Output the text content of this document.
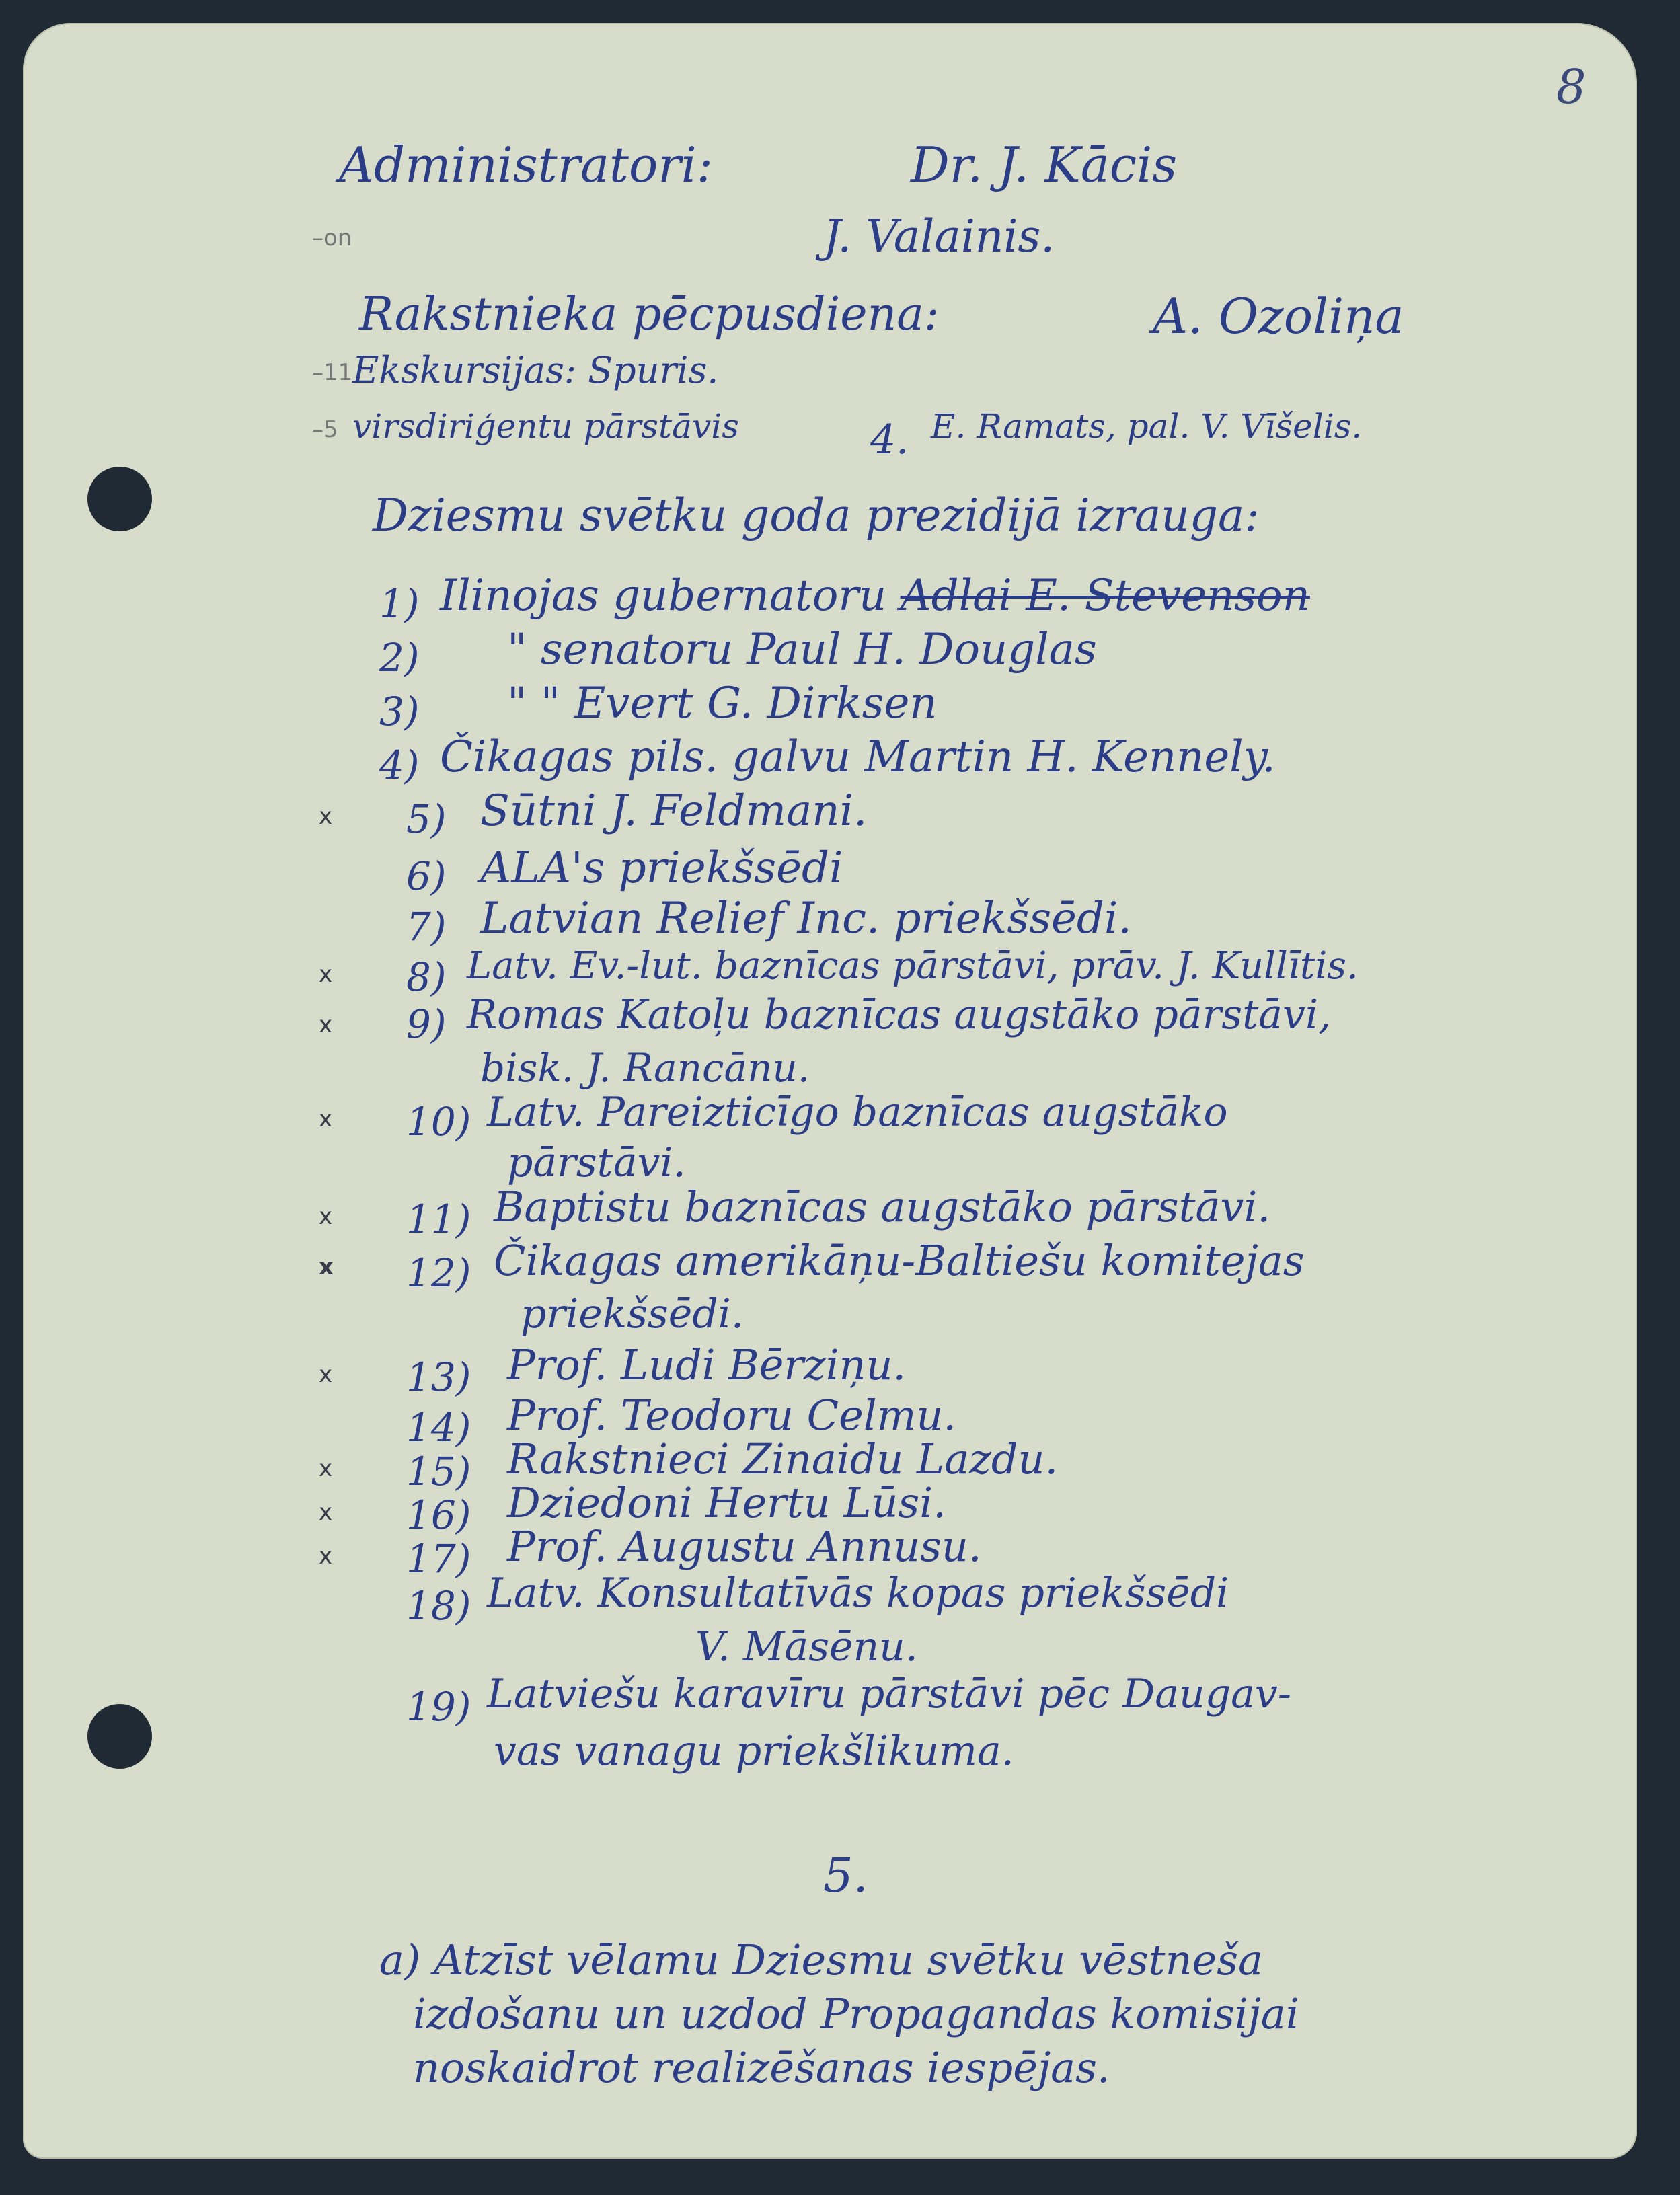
8
Administratori:	Dr. J. Kācis
–on	J. Valainis.
Rakstnieka pēcpusdiena:	A. Ozoliņa
–11 Ekskursijas: Spuris.
–5 virsdiriģentu pārstāvis	4. E. Ramats, pal. V. Vīšelis.
Dziesmu svētku goda prezidijā izrauga:
1) Ilinojas gubernatoru Adlai E. Stevenson
2) " senatoru Paul H. Douglas
3) " " Evert G. Dirksen
4) Čikagas pils. galvu Martin H. Kennely.
x 5) Sūtni J. Feldmani.
6) ALA's priekšsēdi
7) Latvian Relief Inc. priekšsēdi.
x 8) Latv. Ev.-lut. baznīcas pārstāvi, prāv. J. Kullītis.
x 9) Romas Katoļu baznīcas augstāko pārstāvi,
bisk. J. Rancānu.
x 10) Latv. Pareizticīgo baznīcas augstāko
pārstāvi.
x 11) Baptistu baznīcas augstāko pārstāvi.
x 12) Čikagas amerikāņu-Baltiešu komitejas
priekšsēdi.
x 13) Prof. Ludi Bērziņu.
14) Prof. Teodoru Celmu.
x 15) Rakstnieci Zinaidu Lazdu.
x 16) Dziedoni Hertu Lūsi.
x 17) Prof. Augustu Annusu.
18) Latv. Konsultatīvās kopas priekšsēdi
V. Māsēnu.
19) Latviešu karavīru pārstāvi pēc Daugav-
vas vanagu priekšlikuma.
5.
a) Atzīst vēlamu Dziesmu svētku vēstneša
izdošanu un uzdod Propagandas komisijai
noskaidrot realizēšanas iespējas.
